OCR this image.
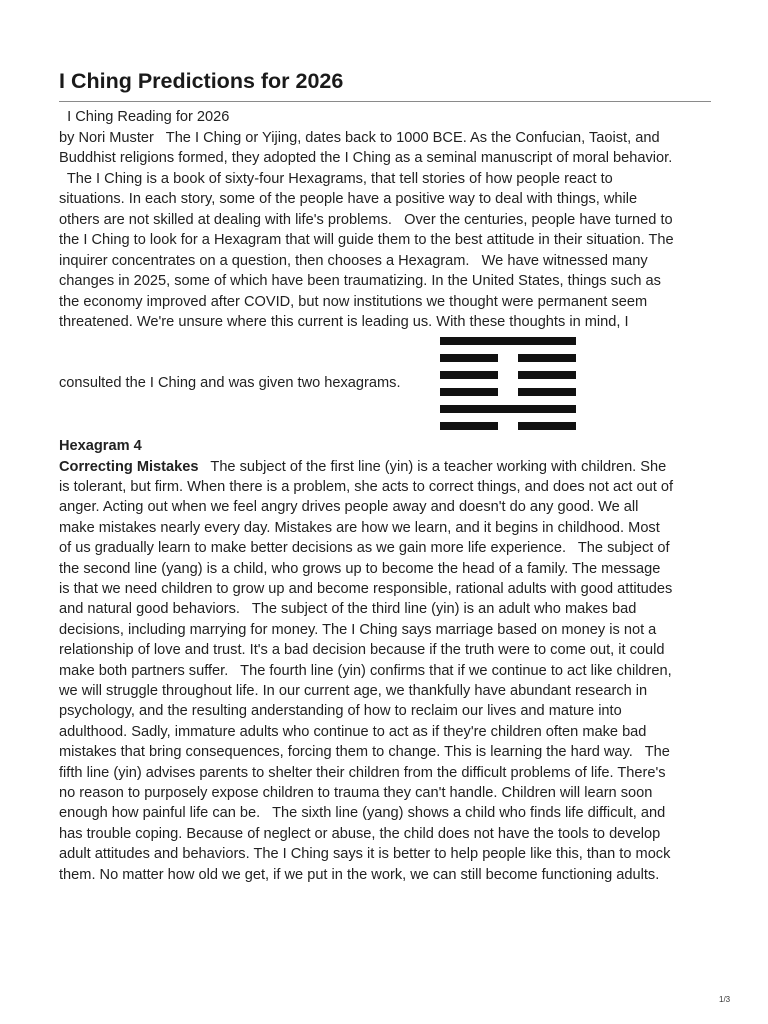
I Ching Predictions for 2026
I Ching Reading for 2026
by Nori Muster   The I Ching or Yijing, dates back to 1000 BCE. As the Confucian, Taoist, and
Buddhist religions formed, they adopted the I Ching as a seminal manuscript of moral behavior.
The I Ching is a book of sixty-four Hexagrams, that tell stories of how people react to
situations. In each story, some of the people have a positive way to deal with things, while
others are not skilled at dealing with life's problems.   Over the centuries, people have turned to
the I Ching to look for a Hexagram that will guide them to the best attitude in their situation. The
inquirer concentrates on a question, then chooses a Hexagram.   We have witnessed many
changes in 2025, some of which have been traumatizing. In the United States, things such as
the economy improved after COVID, but now institutions we thought were permanent seem
threatened. We're unsure where this current is leading us. With these thoughts in mind, I
consulted the I Ching and was given two hexagrams.
Hexagram 4
Correcting Mistakes   The subject of the first line (yin) is a teacher working with children. She
is tolerant, but firm. When there is a problem, she acts to correct things, and does not act out of
anger. Acting out when we feel angry drives people away and doesn't do any good. We all
make mistakes nearly every day. Mistakes are how we learn, and it begins in childhood. Most
of us gradually learn to make better decisions as we gain more life experience.   The subject of
the second line (yang) is a child, who grows up to become the head of a family. The message
is that we need children to grow up and become responsible, rational adults with good attitudes
and natural good behaviors.   The subject of the third line (yin) is an adult who makes bad
decisions, including marrying for money. The I Ching says marriage based on money is not a
relationship of love and trust. It's a bad decision because if the truth were to come out, it could
make both partners suffer.   The fourth line (yin) confirms that if we continue to act like children,
we will struggle throughout life. In our current age, we thankfully have abundant research in
psychology, and the resulting anderstanding of how to reclaim our lives and mature into
adulthood. Sadly, immature adults who continue to act as if they're children often make bad
mistakes that bring consequences, forcing them to change. This is learning the hard way.   The
fifth line (yin) advises parents to shelter their children from the difficult problems of life. There's
no reason to purposely expose children to trauma they can't handle. Children will learn soon
enough how painful life can be.   The sixth line (yang) shows a child who finds life difficult, and
has trouble coping. Because of neglect or abuse, the child does not have the tools to develop
adult attitudes and behaviors. The I Ching says it is better to help people like this, than to mock
them. No matter how old we get, if we put in the work, we can still become functioning adults.
1/3
